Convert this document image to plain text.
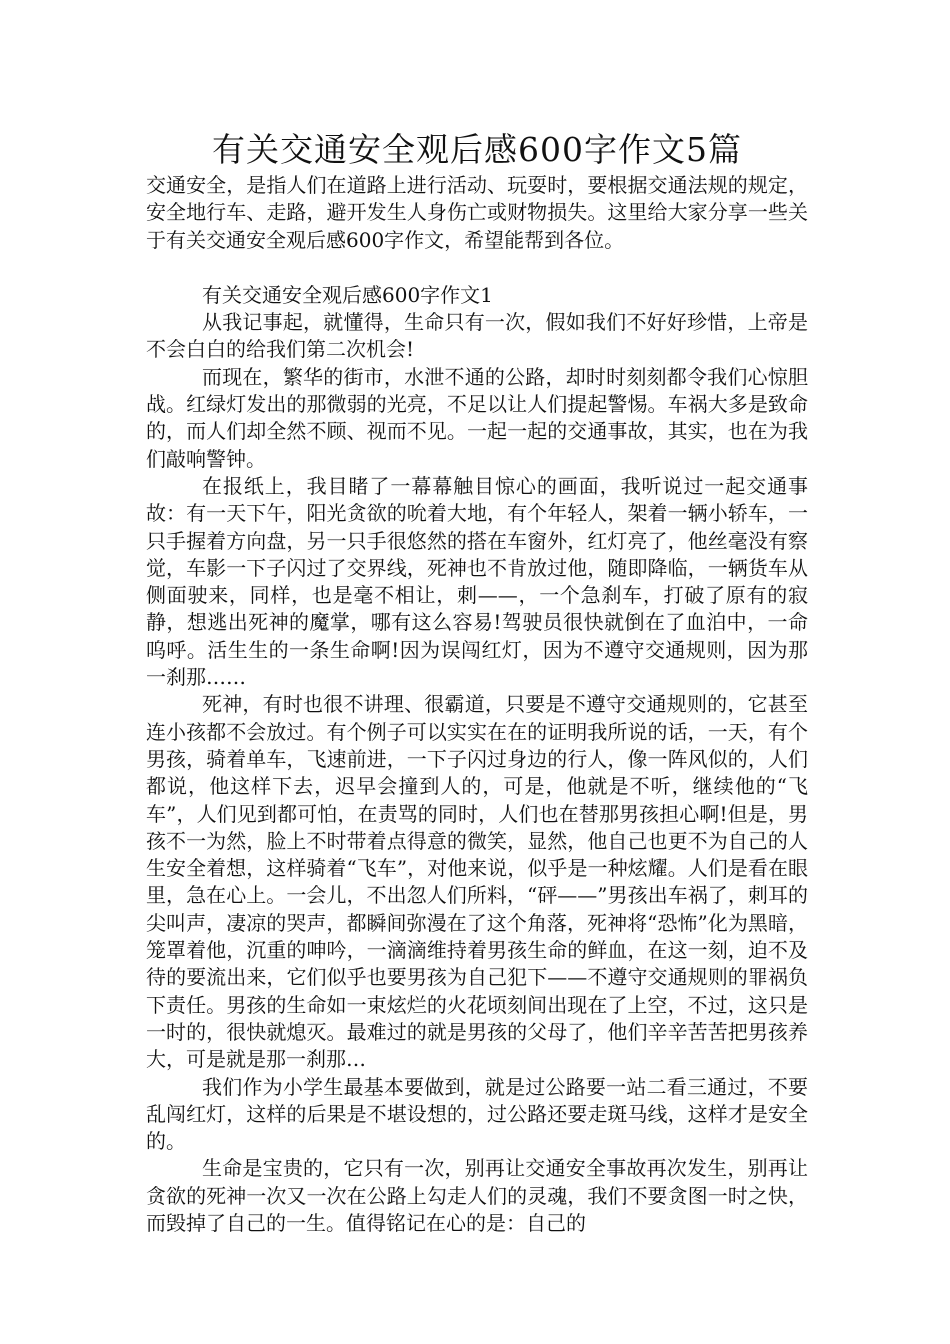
有关交通安全观后感600字作文5篇

交通安全，是指人们在道路上进行活动、玩耍时，要根据交通法规的规定，安全地行车、走路，避开发生人身伤亡或财物损失。这里给大家分享一些关于有关交通安全观后感600字作文，希望能帮到各位。

有关交通安全观后感600字作文1

从我记事起，就懂得，生命只有一次，假如我们不好好珍惜，上帝是不会白白的给我们第二次机会!

而现在，繁华的街市，水泄不通的公路，却时时刻刻都令我们心惊胆战。红绿灯发出的那微弱的光亮，不足以让人们提起警惕。车祸大多是致命的，而人们却全然不顾、视而不见。一起一起的交通事故，其实，也在为我们敲响警钟。

在报纸上，我目睹了一幕幕触目惊心的画面，我听说过一起交通事故：有一天下午，阳光贪欲的吮着大地，有个年轻人，架着一辆小轿车，一只手握着方向盘，另一只手很悠然的搭在车窗外，红灯亮了，他丝毫没有察觉，车影一下子闪过了交界线，死神也不肯放过他，随即降临，一辆货车从侧面驶来，同样，也是毫不相让，刺——，一个急刹车，打破了原有的寂静，想逃出死神的魔掌，哪有这么容易!驾驶员很快就倒在了血泊中，一命呜呼。活生生的一条生命啊!因为误闯红灯，因为不遵守交通规则，因为那一刹那……

死神，有时也很不讲理、很霸道，只要是不遵守交通规则的，它甚至连小孩都不会放过。有个例子可以实实在在的证明我所说的话，一天，有个男孩，骑着单车，飞速前进，一下子闪过身边的行人，像一阵风似的，人们都说，他这样下去，迟早会撞到人的，可是，他就是不听，继续他的“飞车”，人们见到都可怕，在责骂的同时，人们也在替那男孩担心啊!但是，男孩不一为然，脸上不时带着点得意的微笑，显然，他自己也更不为自己的人生安全着想，这样骑着“飞车”，对他来说，似乎是一种炫耀。人们是看在眼里，急在心上。一会儿，不出忽人们所料，“砰——”男孩出车祸了，刺耳的尖叫声，凄凉的哭声，都瞬间弥漫在了这个角落，死神将“恐怖”化为黑暗，笼罩着他，沉重的呻吟，一滴滴维持着男孩生命的鲜血，在这一刻，迫不及待的要流出来，它们似乎也要男孩为自己犯下——不遵守交通规则的罪祸负下责任。男孩的生命如一束炫烂的火花顷刻间出现在了上空，不过，这只是一时的，很快就熄灭。最难过的就是男孩的父母了，他们辛辛苦苦把男孩养大，可是就是那一刹那…

我们作为小学生最基本要做到，就是过公路要一站二看三通过，不要乱闯红灯，这样的后果是不堪设想的，过公路还要走斑马线，这样才是安全的。

生命是宝贵的，它只有一次，别再让交通安全事故再次发生，别再让贪欲的死神一次又一次在公路上勾走人们的灵魂，我们不要贪图一时之快，而毁掉了自己的一生。值得铭记在心的是：自己的
